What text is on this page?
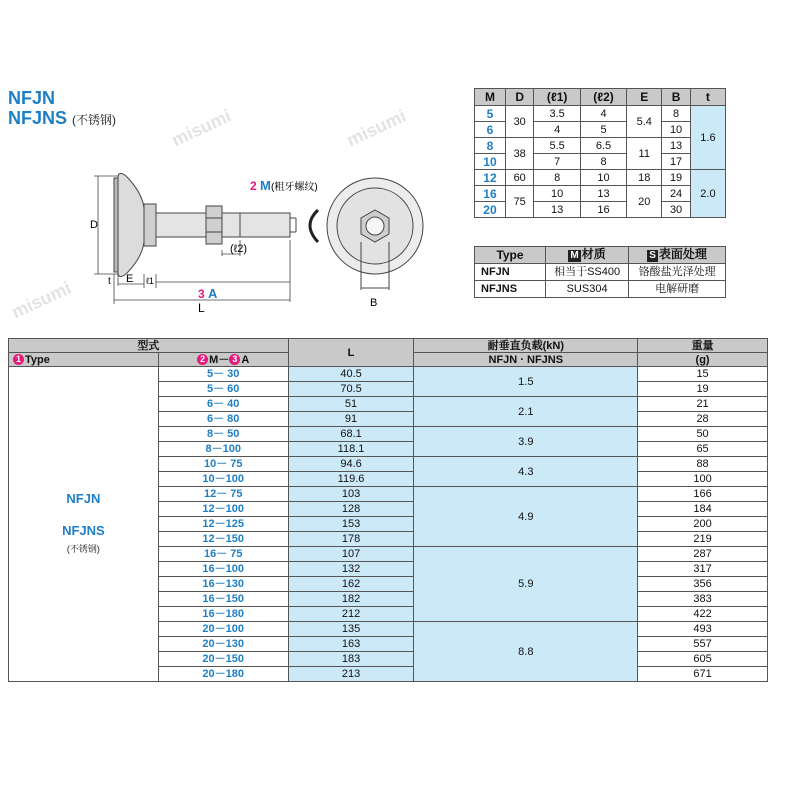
misumi	misumi
misumi
NFJN
NFJNS (不锈钢)
D
t E ℓ1
(ℓ2)
3 A
L
2 M (粗牙螺纹)
B
M	D	(ℓ1)	(ℓ2)	E	B	t
5	30	3.5	4	5.4	8	1.6
6		4	5		10	
8	38	5.5	6.5	11	13	
10		7	8		17	
12	60	8	10	18	19	2.0
16	75	10	13	20	24	
20		13	16		30	
Type	M 材质	S 表面处理
NFJN	相当于SS400	铬酸盐光泽处理
NFJNS	SUS304	电解研磨
型式		L	耐垂直负载(kN)	重量
1 Type	2 M－ 3 A		NFJN · NFJNS	(g)

NFJN
NFJNS
(不锈钢)	5－ 30	40.5	1.5	15
	5－ 60	70.5		19
	6－ 40	51	2.1	21
	6－ 80	91		28
	8－ 50	68.1	3.9	50
	8－100	118.1		65
	10－ 75	94.6	4.3	88
	10－100	119.6		100
	12－ 75	103	4.9	166
	12－100	128		184
	12－125	153		200
	12－150	178		219
	16－ 75	107	5.9	287
	16－100	132		317
	16－130	162		356
	16－150	182		383
	16－180	212		422
	20－100	135	8.8	493
	20－130	163		557
	20－150	183		605
	20－180	213		671
